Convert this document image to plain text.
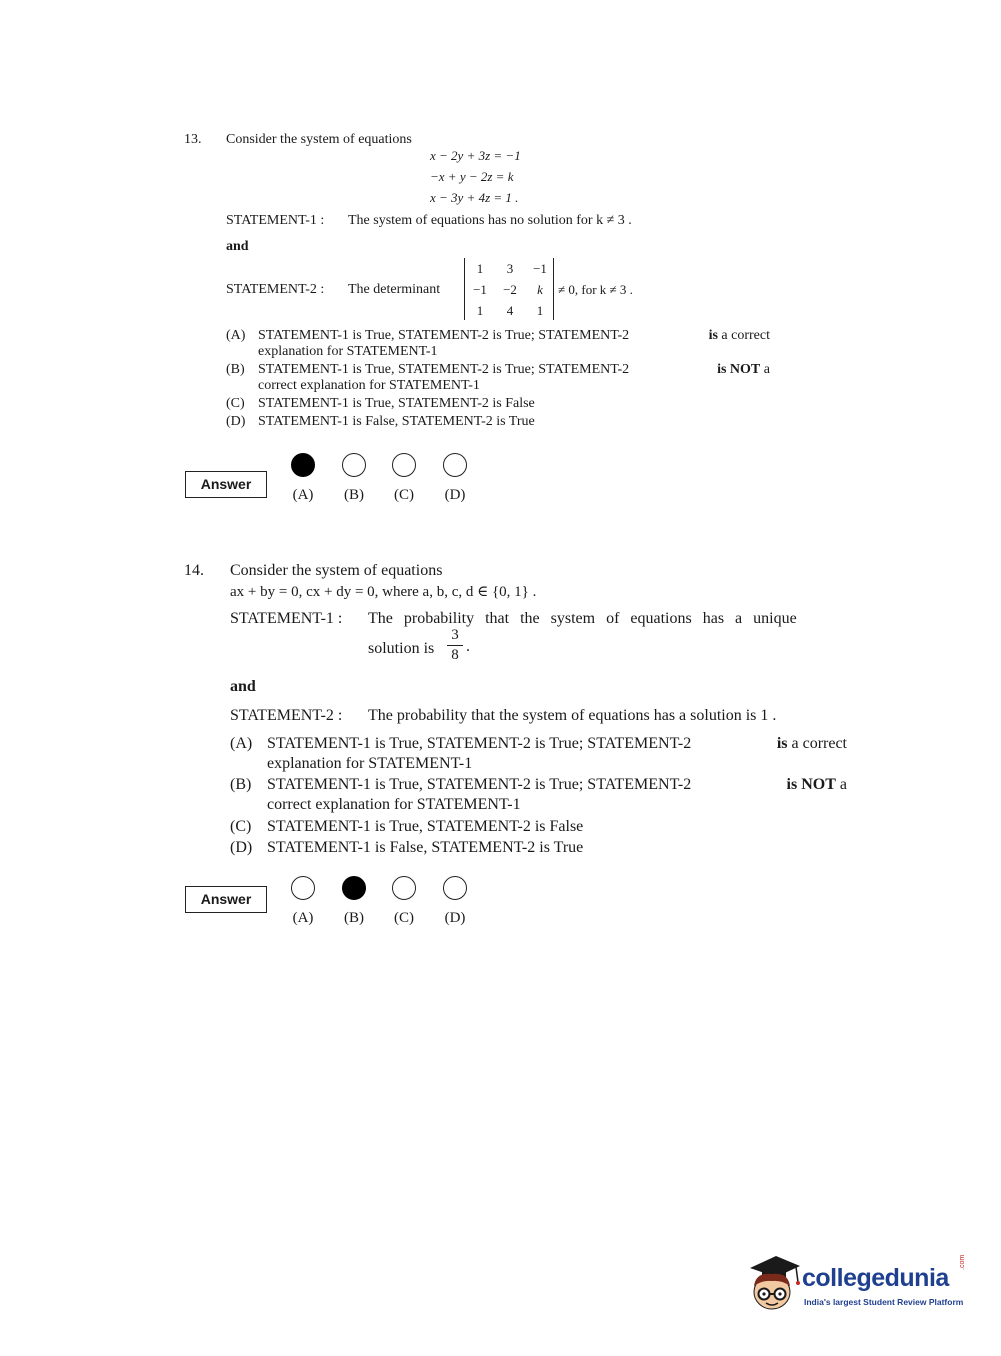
13. Consider the system of equations
x − 2y + 3z = −1
−x + y − 2z = k
x − 3y + 4z = 1 .
STATEMENT-1 : The system of equations has no solution for k ≠ 3 .
and
STATEMENT-2 : The determinant
1	3	−1
−1	−2	k
1	4	1
≠ 0, for k ≠ 3 .
(A) STATEMENT-1 is True, STATEMENT-2 is True; STATEMENT-2	is a correct
explanation for STATEMENT-1
(B) STATEMENT-1 is True, STATEMENT-2 is True; STATEMENT-2	is NOT a
correct explanation for STATEMENT-1
(C) STATEMENT-1 is True, STATEMENT-2 is False
(D) STATEMENT-1 is False, STATEMENT-2 is True
Answer
(A)	(B)	(C)	(D)
14. Consider the system of equations
ax + by = 0, cx + dy = 0, where a, b, c, d ∈ {0, 1} .
STATEMENT-1 : The probability that the system of equations has a unique
solution is
3
8 .
and
STATEMENT-2 : The probability that the system of equations has a solution is 1 .
(A) STATEMENT-1 is True, STATEMENT-2 is True; STATEMENT-2	is a correct
explanation for STATEMENT-1
(B) STATEMENT-1 is True, STATEMENT-2 is True; STATEMENT-2	is NOT a
correct explanation for STATEMENT-1
(C) STATEMENT-1 is True, STATEMENT-2 is False
(D) STATEMENT-1 is False, STATEMENT-2 is True
Answer
(A)	(B)	(C)	(D)
collegedunia
.com
India's largest Student Review Platform
